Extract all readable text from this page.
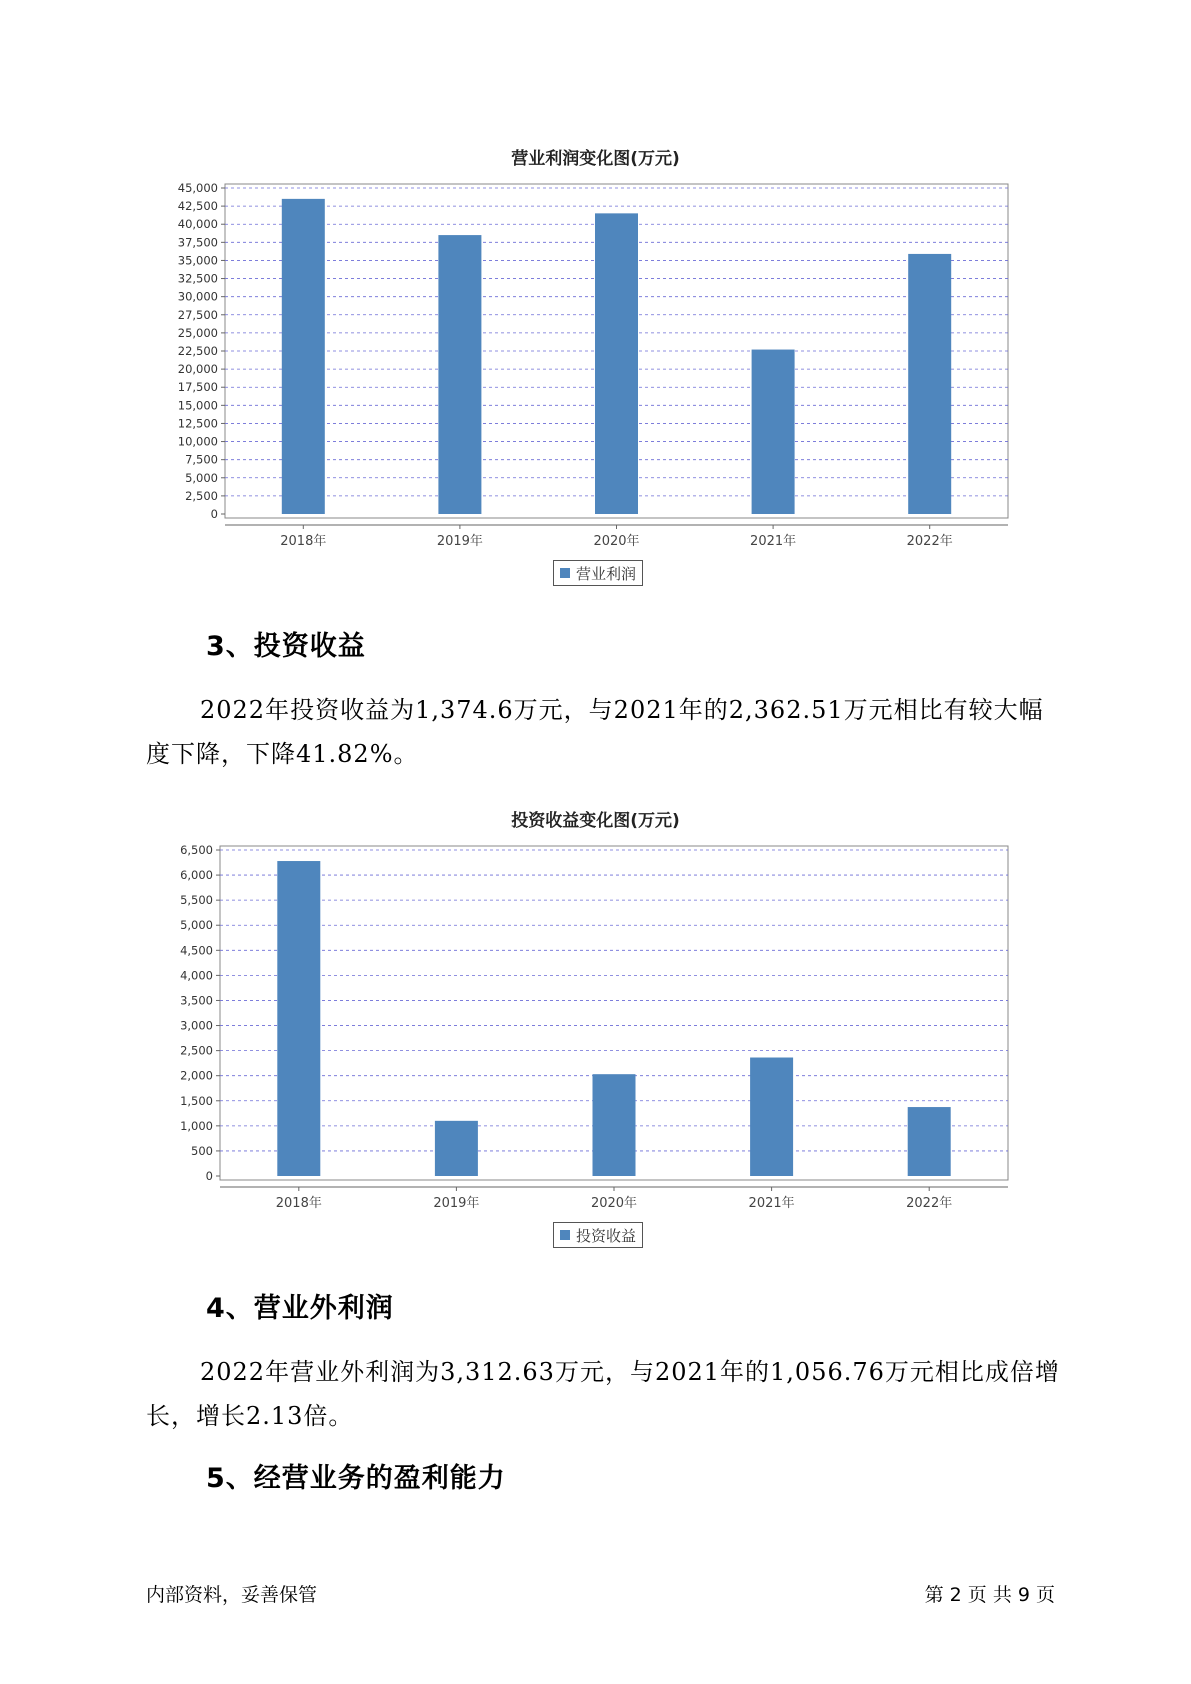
营业利润变化图(万元)
0
2,500
5,000
7,500
10,000
12,500
15,000
17,500
20,000
22,500
25,000
27,500
30,000
32,500
35,000
37,500
40,000
42,500
45,000
2018年	2019年	2020年	2021年	2022年
营业利润
3、投资收益

2022年投资收益为1,374.6万元，与2021年的2,362.51万元相比有较大幅度下降，下降41.82%。

投资收益变化图(万元)
0
500
1,000
1,500
2,000
2,500
3,000
3,500
4,000
4,500
5,000
5,500
6,000
6,500
2018年	2019年	2020年	2021年	2022年
投资收益
4、营业外利润

2022年营业外利润为3,312.63万元，与2021年的1,056.76万元相比成倍增长，增长2.13倍。

5、经营业务的盈利能力
内部资料，妥善保管	第 2 页 共 9 页
